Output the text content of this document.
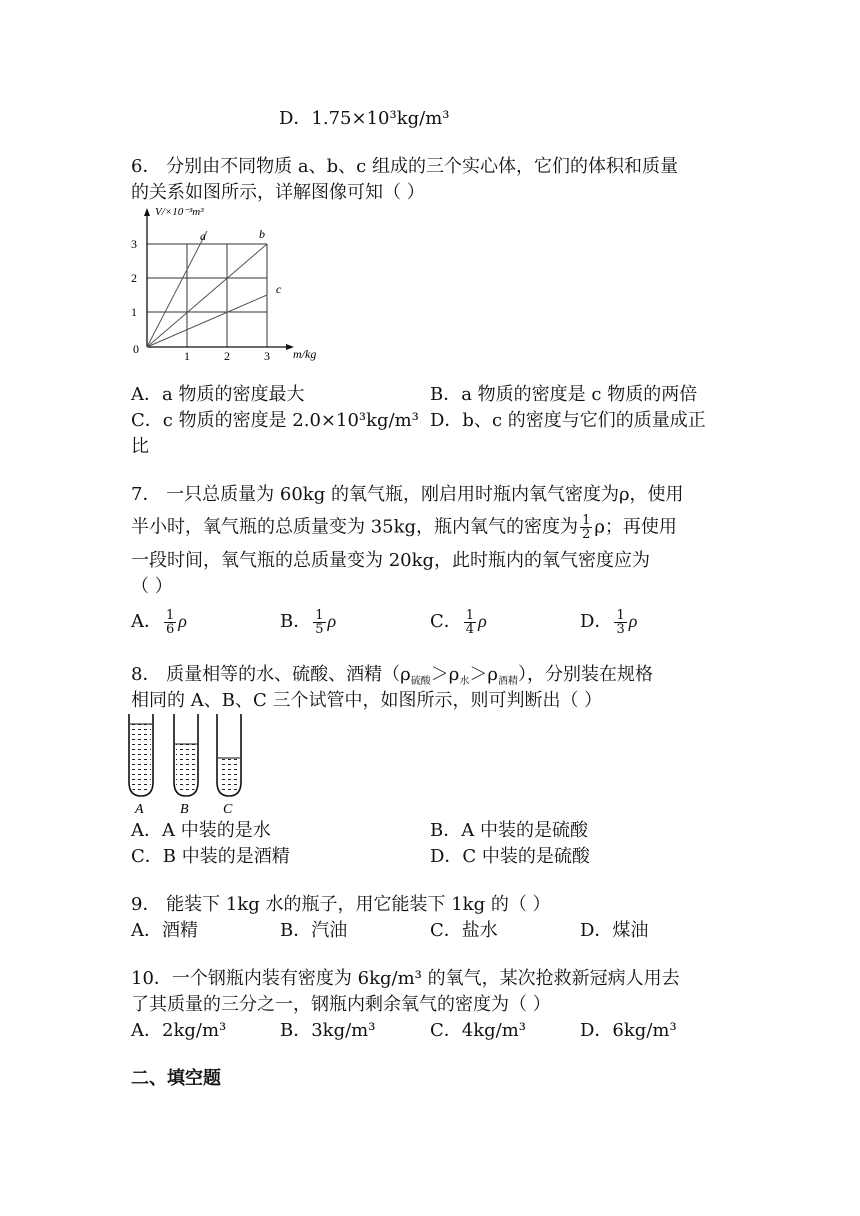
D．1.75×10³kg/m³
6． 分别由不同物质 a、b、c 组成的三个实心体，它们的体积和质量
的关系如图所示，详解图像可知（ ）
V/×10⁻³m³
m/kg
0	1	2	3
1
2
3
a	b
c
A．a 物质的密度最大	B．a 物质的密度是 c 物质的两倍
C．c 物质的密度是 2.0×10³kg/m³ D．b、c 的密度与它们的质量成正
比
7． 一只总质量为 60kg 的氧气瓶，刚启用时瓶内氧气密度为ρ，使用
半小时，氧气瓶的总质量变为 35kg，瓶内氧气的密度为 $\frac{1}{2}$ ρ；再使用
一段时间，氧气瓶的总质量变为 20kg，此时瓶内的氧气密度应为
（ ）
A． $\frac{1}{6}$ ρ	B． $\frac{1}{5}$ ρ	C． $\frac{1}{4}$ ρ	D． $\frac{1}{3}$ ρ
8． 质量相等的水、硫酸、酒精$(\rho_{硫酸}>\rho_水>\rho_{酒精})$，分别装在规格
相同的 A、B、C 三个试管中，如图所示，则可判断出（ ）
A	B C
A．A 中装的是水	B．A 中装的是硫酸
C．B 中装的是酒精	D．C 中装的是硫酸
9． 能装下 1kg 水的瓶子，用它能装下 1kg 的（ ）
A．酒精	B．汽油	C．盐水	D．煤油
10．一个钢瓶内装有密度为 6kg/m³ 的氧气，某次抢救新冠病人用去
了其质量的三分之一，钢瓶内剩余氧气的密度为（ ）
A．2kg/m³	B．3kg/m³	C．4kg/m³	D．6kg/m³
二、填空题
